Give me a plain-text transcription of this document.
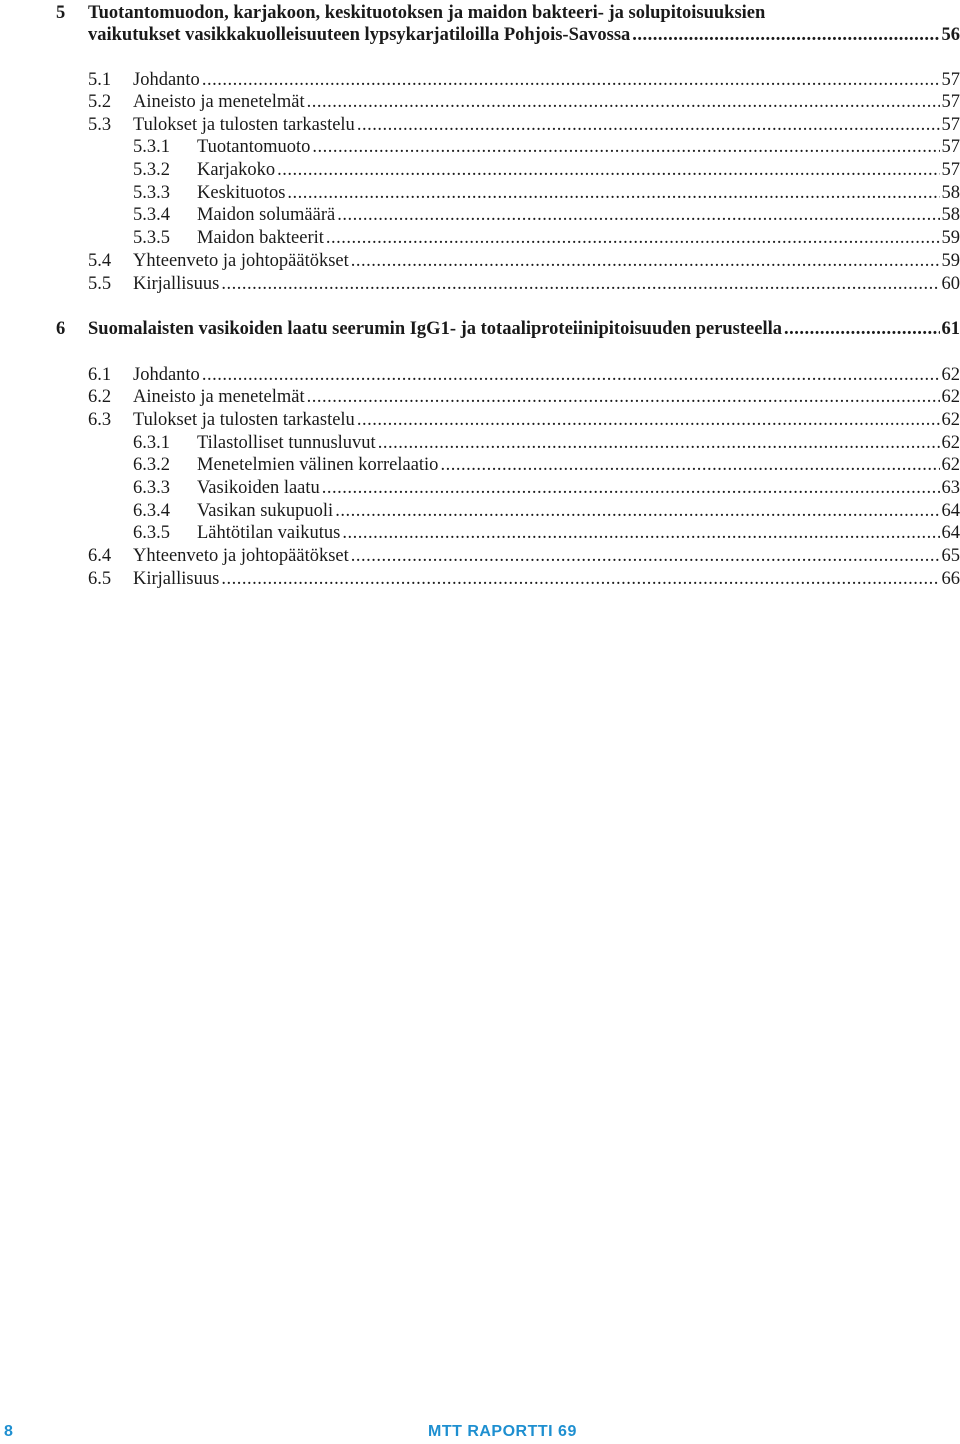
5 Tuotantomuodon, karjakoon, keskituotoksen ja maidon bakteeri- ja solupitoisuuksien
vaikutukset vasikkakuolleisuuteen lypsykarjatiloilla Pohjois-Savossa .....	56
5.1 Johdanto .....	57
5.2 Aineisto ja menetelmät .....	57
5.3 Tulokset ja tulosten tarkastelu .....	57
5.3.1 Tuotantomuoto .....	57
5.3.2 Karjakoko .....	57
5.3.3 Keskituotos .....	58
5.3.4 Maidon solumäärä .....	58
5.3.5 Maidon bakteerit .....	59
5.4 Yhteenveto ja johtopäätökset .....	59
5.5 Kirjallisuus .....	60
6 Suomalaisten vasikoiden laatu seerumin IgG1- ja totaaliproteiinipitoisuuden perusteella .....	61
6.1 Johdanto .....	62
6.2 Aineisto ja menetelmät .....	62
6.3 Tulokset ja tulosten tarkastelu .....	62
6.3.1 Tilastolliset tunnusluvut .....	62
6.3.2 Menetelmien välinen korrelaatio .....	62
6.3.3 Vasikoiden laatu .....	63
6.3.4 Vasikan sukupuoli .....	64
6.3.5 Lähtötilan vaikutus .....	64
6.4 Yhteenveto ja johtopäätökset .....	65
6.5 Kirjallisuus .....	66
8	MTT RAPORTTI 69
